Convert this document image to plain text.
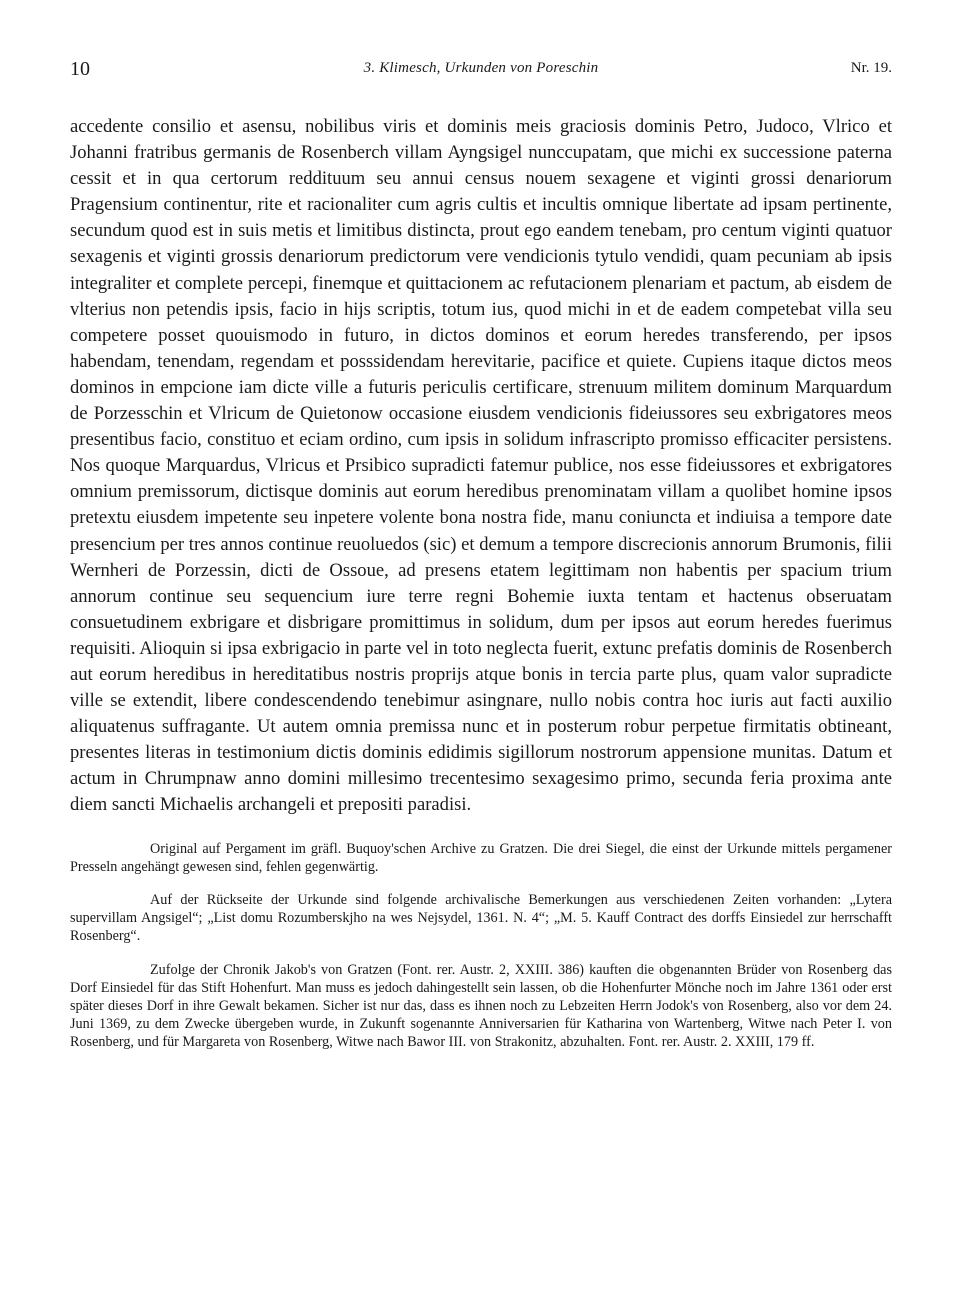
10	3. Klimesch, Urkunden von Poreschin	Nr. 19.

accedente consilio et asensu, nobilibus viris et dominis meis graciosis dominis Petro, Judoco, Vlrico et Johanni fratribus germanis de Rosenberch villam Ayngsigel nunccupatam, que michi ex successione paterna cessit et in qua certorum reddituum seu annui census nouem sexagene et viginti grossi denariorum Pragensium continentur, rite et racionaliter cum agris cultis et incultis omnique libertate ad ipsam pertinente, secundum quod est in suis metis et limitibus distincta, prout ego eandem tenebam, pro centum viginti quatuor sexagenis et viginti grossis denariorum predictorum vere vendicionis tytulo vendidi, quam pecuniam ab ipsis integraliter et complete percepi, finemque et quittacionem ac refutacionem plenariam et pactum, ab eisdem de vlterius non petendis ipsis, facio in hijs scriptis, totum ius, quod michi in et de eadem competebat villa seu competere posset quouismodo in futuro, in dictos dominos et eorum heredes transferendo, per ipsos habendam, tenendam, regendam et posssidendam herevitarie, pacifice et quiete. Cupiens itaque dictos meos dominos in empcione iam dicte ville a futuris periculis certificare, strenuum militem dominum Marquardum de Porzesschin et Vlricum de Quietonow occasione eiusdem vendicionis fideiussores seu exbrigatores meos presentibus facio, constituo et eciam ordino, cum ipsis in solidum infrascripto promisso efficaciter persistens. Nos quoque Marquardus, Vlricus et Prsibico supradicti fatemur publice, nos esse fideiussores et exbrigatores omnium premissorum, dictisque dominis aut eorum heredibus prenominatam villam a quolibet homine ipsos pretextu eiusdem impetente seu inpetere volente bona nostra fide, manu coniuncta et indiuisa a tempore date presencium per tres annos continue reuoluedos (sic) et demum a tempore discrecionis annorum Brumonis, filii Wernheri de Porzessin, dicti de Ossoue, ad presens etatem legittimam non habentis per spacium trium annorum continue seu sequencium iure terre regni Bohemie iuxta tentam et hactenus obseruatam consuetudinem exbrigare et disbrigare promittimus in solidum, dum per ipsos aut eorum heredes fuerimus requisiti. Alioquin si ipsa exbrigacio in parte vel in toto neglecta fuerit, extunc prefatis dominis de Rosenberch aut eorum heredibus in hereditatibus nostris proprijs atque bonis in tercia parte plus, quam valor supradicte ville se extendit, libere condescendendo tenebimur asingnare, nullo nobis contra hoc iuris aut facti auxilio aliquatenus suffragante. Ut autem omnia premissa nunc et in posterum robur perpetue firmitatis obtineant, presentes literas in testimonium dictis dominis edidimis sigillorum nostrorum appensione munitas. Datum et actum in Chrumpnaw anno domini millesimo trecentesimo sexagesimo primo, secunda feria proxima ante diem sancti Michaelis archangeli et prepositi paradisi.

Original auf Pergament im gräfl. Buquoy'schen Archive zu Gratzen. Die drei Siegel, die einst der Urkunde mittels pergamener Presseln angehängt gewesen sind, fehlen gegenwärtig.

Auf der Rückseite der Urkunde sind folgende archivalische Bemerkungen aus verschiedenen Zeiten vorhanden: „Lytera supervillam Angsigel“; „List domu Rozumberskjho na wes Nejsydel, 1361. N. 4“; „M. 5. Kauff Contract des dorffs Einsiedel zur herrschafft Rosenberg“.

Zufolge der Chronik Jakob's von Gratzen (Font. rer. Austr. 2, XXIII. 386) kauften die obgenannten Brüder von Rosenberg das Dorf Einsiedel für das Stift Hohenfurt. Man muss es jedoch dahingestellt sein lassen, ob die Hohenfurter Mönche noch im Jahre 1361 oder erst später dieses Dorf in ihre Gewalt bekamen. Sicher ist nur das, dass es ihnen noch zu Lebzeiten Herrn Jodok's von Rosenberg, also vor dem 24. Juni 1369, zu dem Zwecke übergeben wurde, in Zukunft sogenannte Anniversarien für Katharina von Wartenberg, Witwe nach Peter I. von Rosenberg, und für Margareta von Rosenberg, Witwe nach Bawor III. von Strakonitz, abzuhalten. Font. rer. Austr. 2. XXIII, 179 ff.
